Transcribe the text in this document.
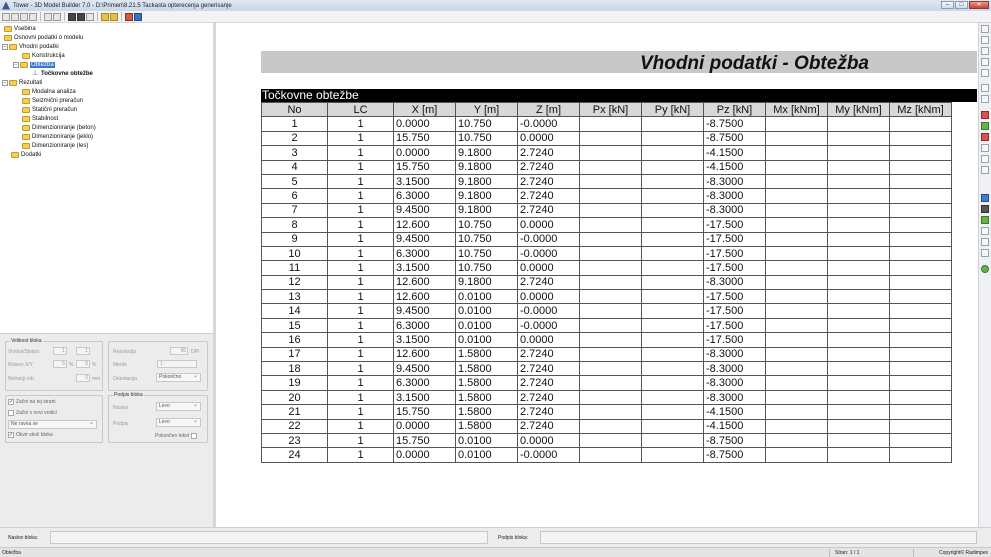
Tower - 3D Model Builder 7.0 - D:\Primeri\8.21.5 Tackasta opterecenja generisanje	‒	□	✕
Vsebina
Osnovni podatki o modelu
− Vhodni podatki
Konstrukcija
− Obtežba
⊥ Točkovne obtežbe
− Rezultati
Modalna analiza
Seizmični preračun
Statični preračun
Stabilnost
Dimenzioniranje (beton)
Dimenzioniranje (jeklo)
Dimenzioniranje (les)
Dodatki
Velikost bloka
Vrstice/Stolpci	1	1
Robovi X/Y	5 %	5 %
Notranji rob	0 mm
Resolucija	96	DPI
Merilo	1 :
Orientacija	Pokončno ⌄
✓ Začni na tej strani
Začni v novi vrstici
Ne ravna se ⌄
✓ Okvir okoli bloka
Podpis bloka
Naslov	Levo ⌄
Podpis	Levo ⌄
Pokončen tekst
Vhodni podatki - Obtežba
Točkovne obtežbe
No	LC	X [m]	Y [m]	Z [m]	Px [kN]	Py [kN]	Pz [kN]	Mx [kNm]	My [kNm]	Mz [kNm]
1	1	0.0000	10.750	-0.0000			-8.7500			
2	1	15.750	10.750	0.0000			-8.7500			
3	1	0.0000	9.1800	2.7240			-4.1500			
4	1	15.750	9.1800	2.7240			-4.1500			
5	1	3.1500	9.1800	2.7240			-8.3000			
6	1	6.3000	9.1800	2.7240			-8.3000			
7	1	9.4500	9.1800	2.7240			-8.3000			
8	1	12.600	10.750	0.0000			-17.500			
9	1	9.4500	10.750	-0.0000			-17.500			
10	1	6.3000	10.750	-0.0000			-17.500			
11	1	3.1500	10.750	0.0000			-17.500			
12	1	12.600	9.1800	2.7240			-8.3000			
13	1	12.600	0.0100	0.0000			-17.500			
14	1	9.4500	0.0100	-0.0000			-17.500			
15	1	6.3000	0.0100	-0.0000			-17.500			
16	1	3.1500	0.0100	0.0000			-17.500			
17	1	12.600	1.5800	2.7240			-8.3000			
18	1	9.4500	1.5800	2.7240			-8.3000			
19	1	6.3000	1.5800	2.7240			-8.3000			
20	1	3.1500	1.5800	2.7240			-8.3000			
21	1	15.750	1.5800	2.7240			-4.1500			
22	1	0.0000	1.5800	2.7240			-4.1500			
23	1	15.750	0.0100	0.0000			-8.7500			
24	1	0.0000	0.0100	-0.0000			-8.7500			
Naslov bloka:	Podpis bloka:
Obtežba	Stran: 1 / 1	Copyright© Radimpex
